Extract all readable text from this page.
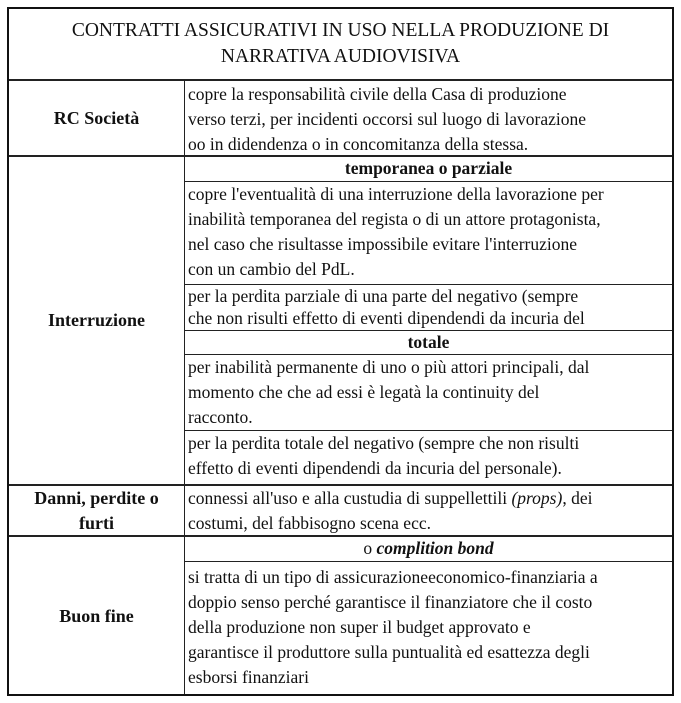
CONTRATTI ASSICURATIVI IN USO NELLA PRODUZIONE DI
NARRATIVA AUDIOVISIVA
RC Società
copre la responsabilità civile della Casa di produzione
verso terzi, per incidenti occorsi sul luogo di lavorazione
oo in didendenza o in concomitanza della stessa.
Interruzione
temporanea o parziale
copre l'eventualità di una interruzione della lavorazione per
inabilità temporanea del regista o di un attore protagonista,
nel caso che risultasse impossibile evitare l'interruzione
con un cambio del PdL.
per la perdita parziale di una parte del negativo (sempre
che non risulti effetto di eventi dipendendi da incuria del
totale
per inabilità permanente di uno o più attori principali, dal
momento che che ad essi è legatà la continuity del
racconto.
per la perdita totale del negativo (sempre che non risulti
effetto di eventi dipendendi da incuria del personale).
Danni, perdite o
furti
connessi all'uso e alla custudia di suppellettili (props), dei
costumi, del fabbisogno scena ecc.
Buon fine
o complition bond
si tratta di un tipo di assicurazioneeconomico-finanziaria a
doppio senso perché garantisce il finanziatore che il costo
della produzione non super il budget approvato e
garantisce il produttore sulla puntualità ed esattezza degli
esborsi finanziari
